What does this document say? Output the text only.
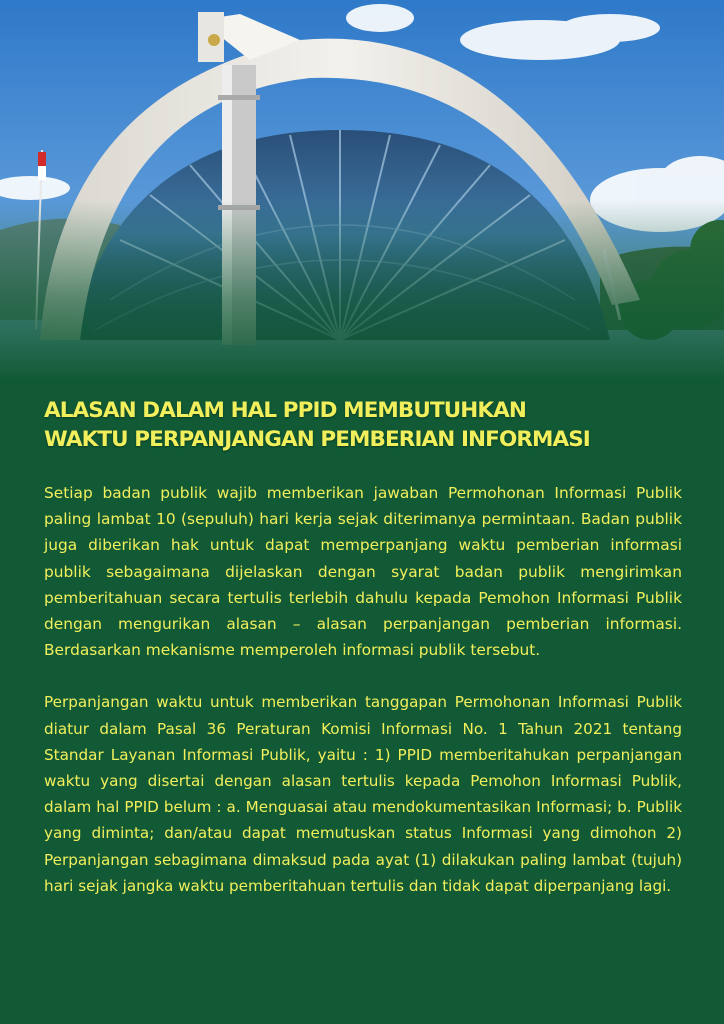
ALASAN DALAM HAL PPID MEMBUTUHKAN
WAKTU PERPANJANGAN PEMBERIAN INFORMASI

Setiap badan publik wajib memberikan jawaban Permohonan Informasi Publik paling lambat 10 (sepuluh) hari kerja sejak diterimanya permintaan. Badan publik juga diberikan hak untuk dapat memperpanjang waktu pemberian informasi publik sebagaimana dijelaskan dengan syarat badan publik mengirimkan pemberitahuan secara tertulis terlebih dahulu kepada Pemohon Informasi Publik dengan mengurikan alasan – alasan perpanjangan pemberian informasi. Berdasarkan mekanisme memperoleh informasi publik tersebut.

Perpanjangan waktu untuk memberikan tanggapan Permohonan Informasi Publik diatur dalam Pasal 36 Peraturan Komisi Informasi No. 1 Tahun 2021 tentang Standar Layanan Informasi Publik, yaitu : 1) PPID memberitahukan perpanjangan waktu yang disertai dengan alasan tertulis kepada Pemohon Informasi Publik, dalam hal PPID belum : a. Menguasai atau mendokumentasikan Informasi; b. Publik yang diminta; dan/atau dapat memutuskan status Informasi yang dimohon 2) Perpanjangan sebagimana dimaksud pada ayat (1) dilakukan paling lambat (tujuh) hari sejak jangka waktu pemberitahuan tertulis dan tidak dapat diperpanjang lagi.
